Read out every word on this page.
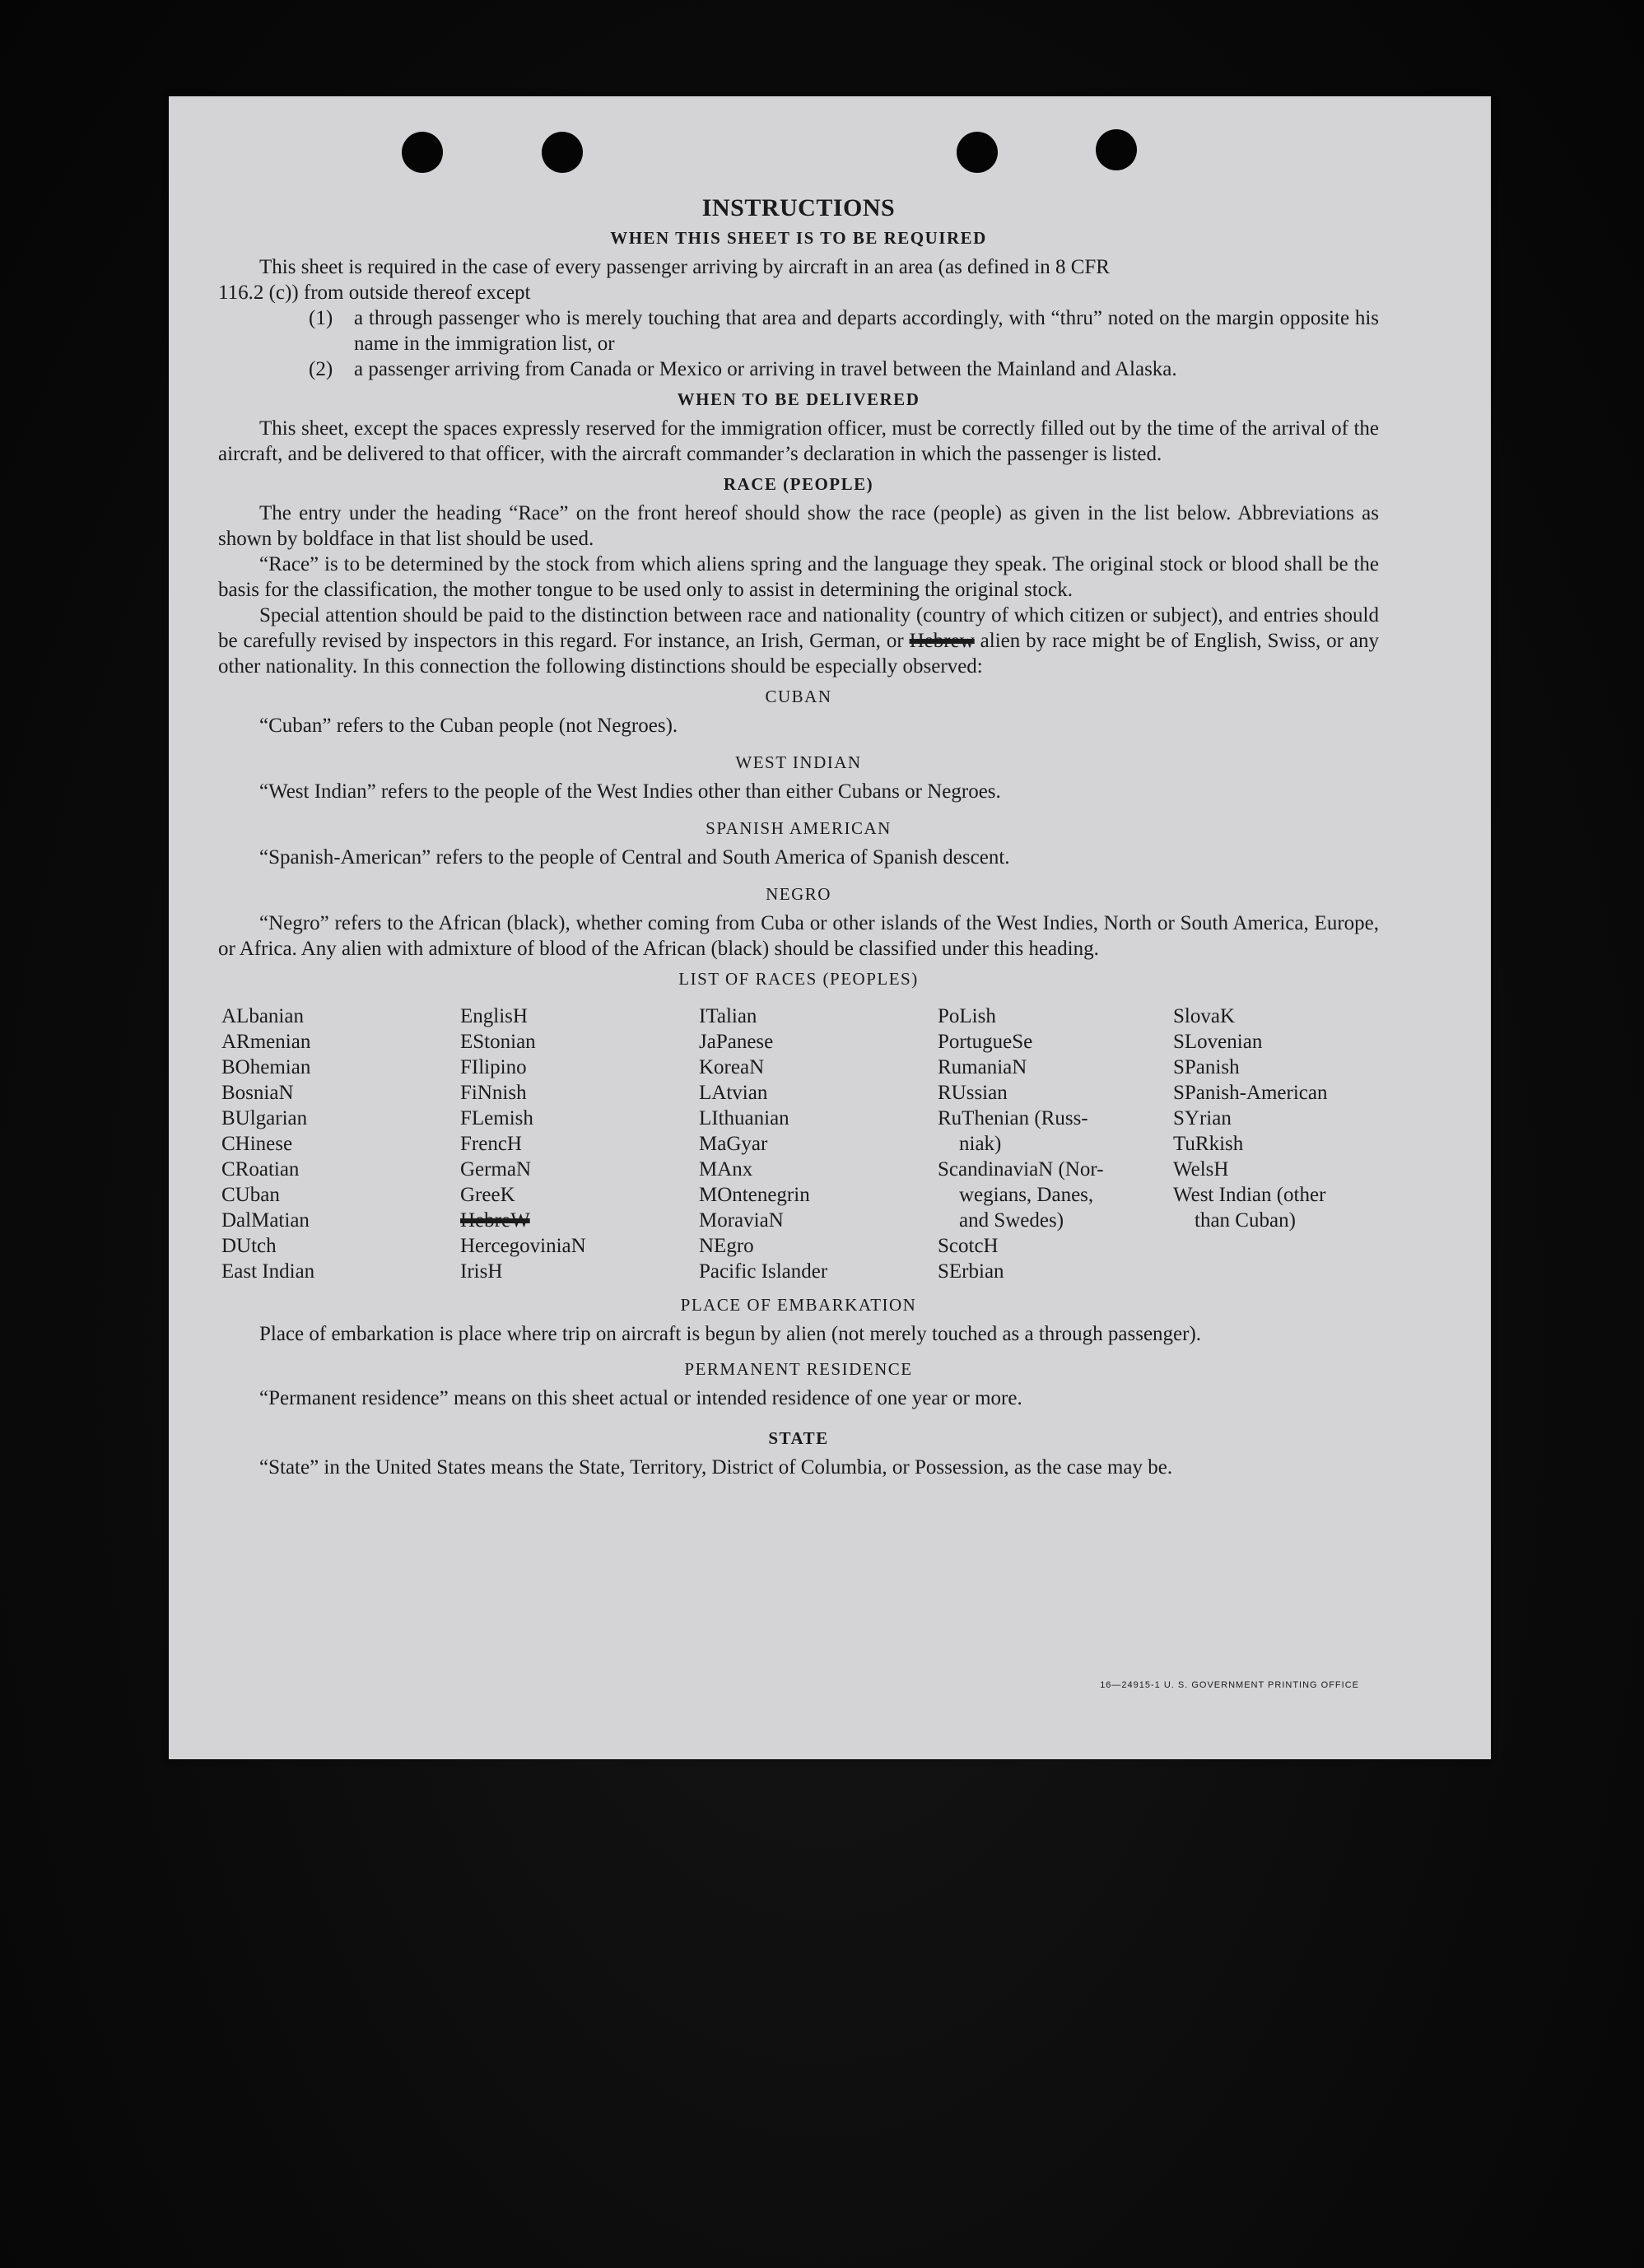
INSTRUCTIONS
WHEN THIS SHEET IS TO BE REQUIRED

This sheet is required in the case of every passenger arriving by aircraft in an area (as defined in 8 CFR

116.2 (c)) from outside thereof except

(1)	a through passenger who is merely touching that area and departs accordingly, with “thru” noted on the margin opposite his name in the immigration list, or
(2)	a passenger arriving from Canada or Mexico or arriving in travel between the Mainland and Alaska.
WHEN TO BE DELIVERED

This sheet, except the spaces expressly reserved for the immigration officer, must be correctly filled out by the time of the arrival of the aircraft, and be delivered to that officer, with the aircraft commander’s declaration in which the passenger is listed.

RACE (PEOPLE)

The entry under the heading “Race” on the front hereof should show the race (people) as given in the list below. Abbreviations as shown by boldface in that list should be used.

“Race” is to be determined by the stock from which aliens spring and the language they speak. The original stock or blood shall be the basis for the classification, the mother tongue to be used only to assist in determining the original stock.

Special attention should be paid to the distinction between race and nationality (country of which citizen or subject), and entries should be carefully revised by inspectors in this regard. For instance, an Irish, German, or Hebrew alien by race might be of English, Swiss, or any other nationality. In this connection the following distinctions should be especially observed:

CUBAN

“Cuban” refers to the Cuban people (not Negroes).

WEST INDIAN

“West Indian” refers to the people of the West Indies other than either Cubans or Negroes.

SPANISH AMERICAN

“Spanish-American” refers to the people of Central and South America of Spanish descent.

NEGRO

“Negro” refers to the African (black), whether coming from Cuba or other islands of the West Indies, North or South America, Europe, or Africa. Any alien with admixture of blood of the African (black) should be classified under this heading.

LIST OF RACES (PEOPLES)
ALbanian
ARmenian
BOhemian
BosniaN
BUlgarian
CHinese
CRoatian
CUban
DalMatian
DUtch
East Indian
EnglisH
EStonian
FIlipino
FiNnish
FLemish
FrencH
GermaN
GreeK
HebreW
HercegoviniaN
IrisH
ITalian
JaPanese
KoreaN
LAtvian
LIthuanian
MaGyar
MAnx
MOntenegrin
MoraviaN
NEgro
Pacific Islander
PoLish
PortugueSe
RumaniaN
RUssian
RuThenian (Russ-
niak)
ScandinaviaN (Nor-
wegians, Danes,
and Swedes)
ScotcH
SErbian
SlovaK
SLovenian
SPanish
SPanish-American
SYrian
TuRkish
WelsH
West Indian (other
than Cuban)
PLACE OF EMBARKATION

Place of embarkation is place where trip on aircraft is begun by alien (not merely touched as a through passenger).

PERMANENT RESIDENCE

“Permanent residence” means on this sheet actual or intended residence of one year or more.

STATE

“State” in the United States means the State, Territory, District of Columbia, or Possession, as the case may be.

16—24915-1 U. S. GOVERNMENT PRINTING OFFICE
